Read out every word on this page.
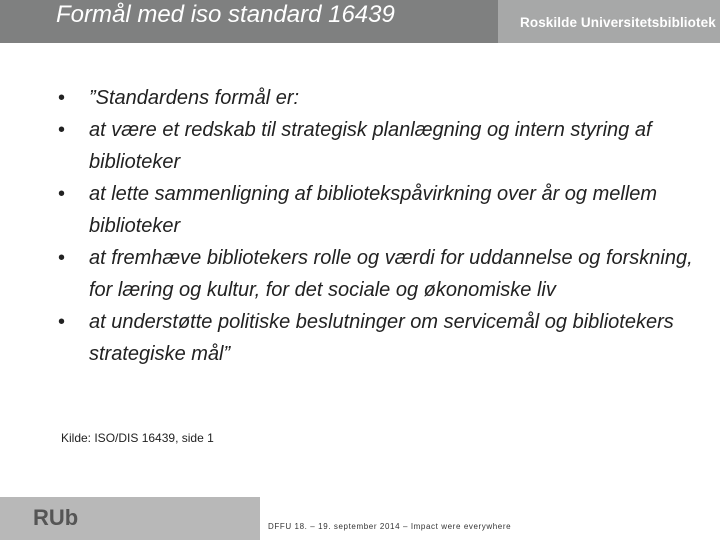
Formål med iso standard 16439	Roskilde Universitetsbibliotek
• ”Standardens formål er:
• at være et redskab til strategisk planlægning og intern styring af biblioteker
• at lette sammenligning af bibliotekspåvirkning over år og mellem biblioteker
• at fremhæve bibliotekers rolle og værdi for uddannelse og forskning, for læring og kultur, for det sociale og økonomiske liv
• at understøtte politiske beslutninger om servicemål og bibliotekers strategiske mål”
Kilde: ISO/DIS 16439, side 1
RUb	DFFU 18. – 19. september 2014 – Impact were everywhere
